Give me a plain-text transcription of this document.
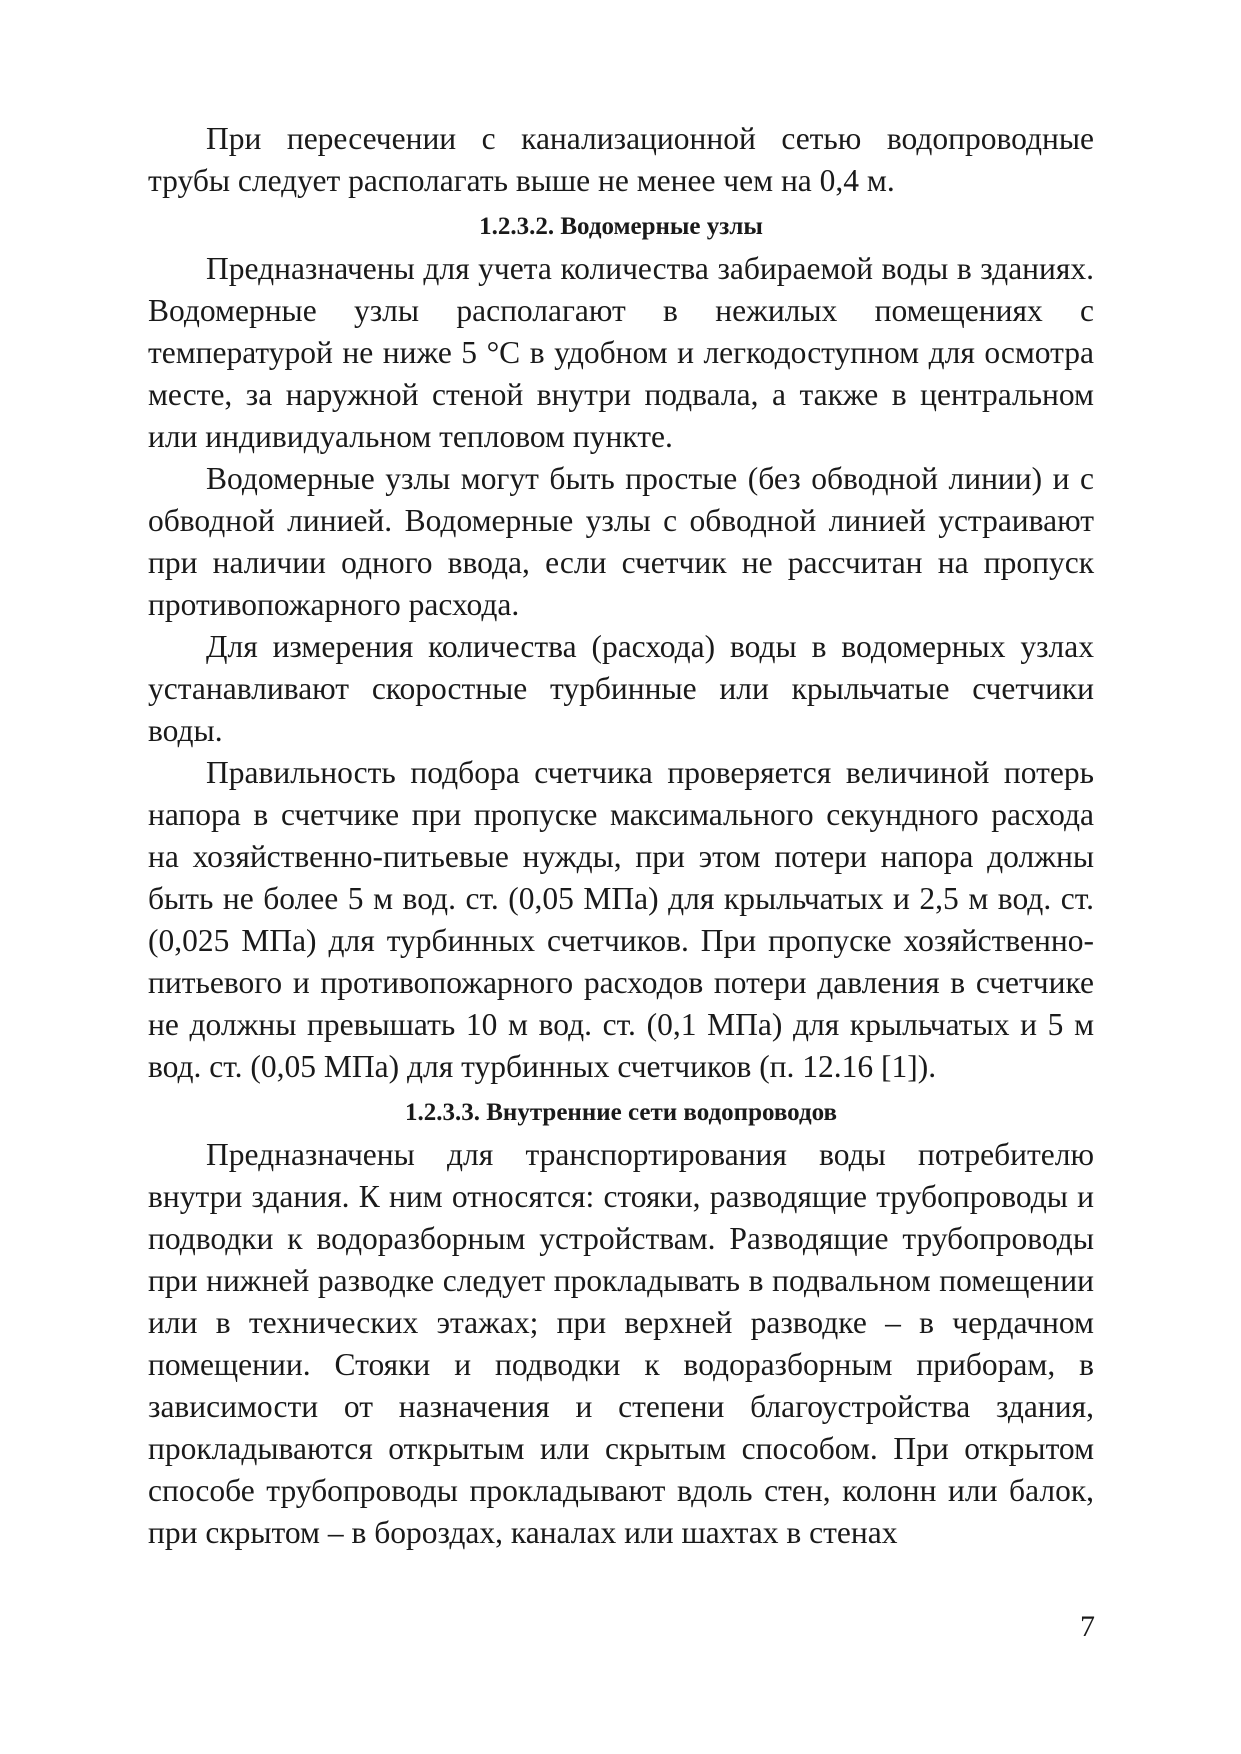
При пересечении с канализационной сетью водопроводные трубы следует располагать выше не менее чем на 0,4 м.

1.2.3.2. Водомерные узлы

Предназначены для учета количества забираемой воды в зданиях. Водомерные узлы располагают в нежилых помещениях с температурой не ниже 5 °С в удобном и легкодоступном для осмотра месте, за наружной стеной внутри подвала, а также в центральном или индивидуальном тепловом пункте.

Водомерные узлы могут быть простые (без обводной линии) и с обводной линией. Водомерные узлы с обводной линией устраивают при наличии одного ввода, если счетчик не рассчитан на пропуск противопожарного расхода.

Для измерения количества (расхода) воды в водомерных узлах устанавливают скоростные турбинные или крыльчатые счетчики воды.

Правильность подбора счетчика проверяется величиной потерь напора в счетчике при пропуске максимального секундного расхода на хозяйственно-питьевые нужды, при этом потери напора должны быть не более 5 м вод. ст. (0,05 МПа) для крыльчатых и 2,5 м вод. ст. (0,025 МПа) для турбинных счетчиков. При пропуске хозяйственно-питьевого и противопожарного расходов потери давления в счетчике не должны превышать 10 м вод. ст. (0,1 МПа) для крыльчатых и 5 м вод. ст. (0,05 МПа) для турбинных счетчиков (п. 12.16 [1]).

1.2.3.3. Внутренние сети водопроводов

Предназначены для транспортирования воды потребителю внутри здания. К ним относятся: стояки, разводящие трубопроводы и подводки к водоразборным устройствам. Разводящие трубопроводы при нижней разводке следует прокладывать в подвальном помещении или в технических этажах; при верхней разводке – в чердачном помещении. Стояки и подводки к водоразборным приборам, в зависимости от назначения и степени благоустройства здания, прокладываются открытым или скрытым способом. При открытом способе трубопроводы прокладывают вдоль стен, колонн или балок, при скрытом – в бороздах, каналах или шахтах в стенах

7
